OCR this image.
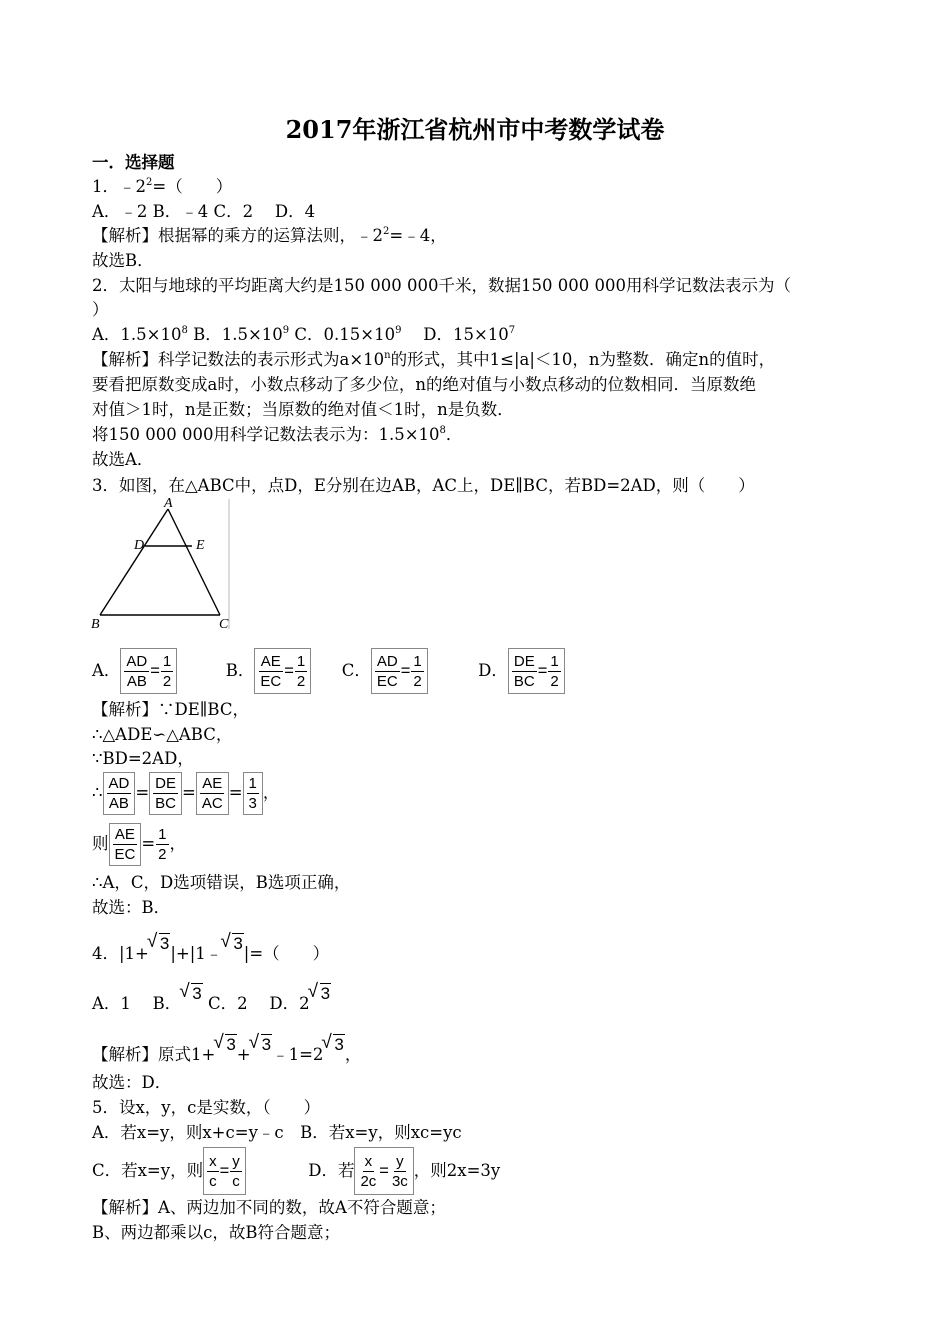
2017年浙江省杭州市中考数学试卷
一．选择题
1．$﹣2^2=$（　　）
A．﹣2 B．﹣4 C．2　 D．4
【解析】根据幂的乘方的运算法则，$﹣2^2=﹣4$，
故选B．
2．太阳与地球的平均距离大约是150 000 000千米，数据150 000 000用科学记数法表示为（
）
A．$1.5\times 10^8$ B．$1.5\times 10^9$ C．$0.15\times 10^9$　 D．$15\times 10^7$
【解析】科学记数法的表示形式为$a\times 10^n$的形式，其中1≤|a|＜10，n为整数．确定n的值时，
要看把原数变成a时，小数点移动了多少位，n的绝对值与小数点移动的位数相同．当原数绝
对值＞1时，n是正数；当原数的绝对值＜1时，n是负数．
将150 000 000用科学记数法表示为：$1.5\times 10^8$．
故选A．
3．如图，在△ABC中，点D，E分别在边AB，AC上，DE∥BC，若BD=2AD，则（　　）
A
D	E
B	C
A． $\frac{AD}{AB} = \frac{1}{2}$	B． $\frac{AE}{EC} = \frac{1}{2}$ C． $\frac{AD}{EC} = \frac{1}{2}$	D． $\frac{DE}{BC} = \frac{1}{2}$
【解析】∵DE∥BC，
∴△ADE∽△ABC，
∵BD=2AD，
∴ $\frac{AD}{AB} = \frac{DE}{BC} = \frac{AE}{AC} = \frac{1}{3}$ ，
则 $\frac{AE}{EC} = \frac{1}{2}$ ，
∴A，C，D选项错误，B选项正确，
故选：B．
4．|1+√ 3|+|1﹣√ 3|=（　　）
A．1　 B．√ 3 C．2　 D．2√ 3
【解析】原式1+√ 3+√ 3﹣1=2√ 3，
故选：D．
5．设x，y，c是实数，（　　）
A．若x=y，则x+c=y﹣c　B．若x=y，则xc=yc
C．若x=y，则 $\frac{x}{c} = \frac{y}{c}$	D．若 $\frac{x}{2c} = \frac{y}{3c}$ ，则2x=3y
【解析】A、两边加不同的数，故A不符合题意；
B、两边都乘以c，故B符合题意；
